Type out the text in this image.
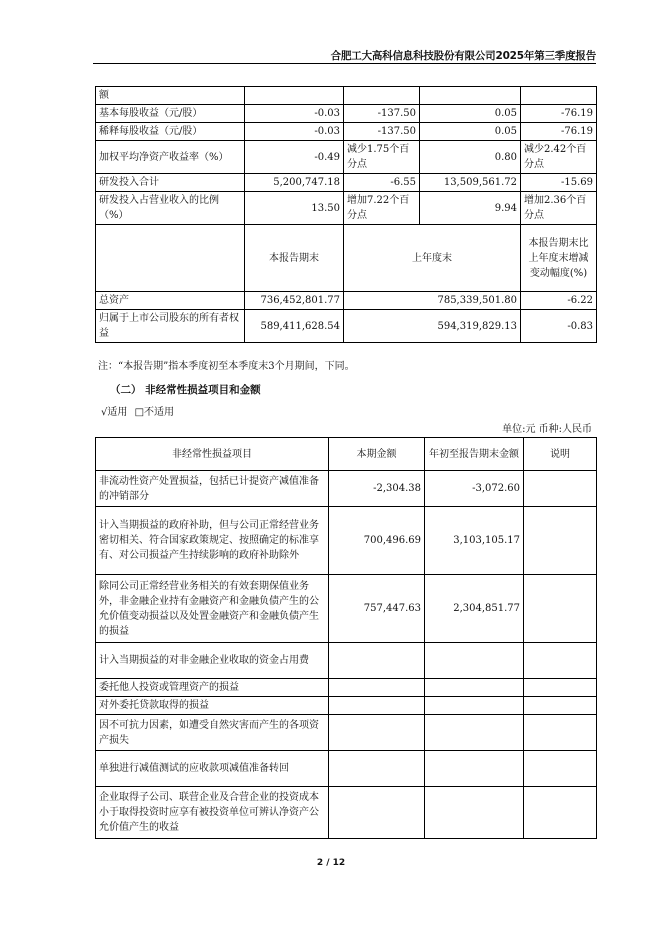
合肥工大高科信息科技股份有限公司2025年第三季度报告
额				
基本每股收益（元/股）	-0.03	-137.50	0.05	-76.19
稀释每股收益（元/股）	-0.03	-137.50	0.05	-76.19
加权平均净资产收益率（%）	-0.49	减少1.75个百分点	0.80	减少2.42个百分点
研发投入合计	5,200,747.18	-6.55	13,509,561.72	-15.69
研发投入占营业收入的比例（%）	13.50	增加7.22个百分点	9.94	增加2.36个百分点
	本报告期末	上年度末		本报告期末比上年度末增减变动幅度(%)
总资产	736,452,801.77	785,339,501.80		-6.22
归属于上市公司股东的所有者权益	589,411,628.54	594,319,829.13		-0.83
注：“本报告期”指本季度初至本季度末3个月期间，下同。
（二） 非经常性损益项目和金额
√适用 □不适用
单位:元 币种:人民币
非经常性损益项目	本期金额	年初至报告期末金额	说明
非流动性资产处置损益，包括已计提资产减值准备的冲销部分	-2,304.38	-3,072.60	
计入当期损益的政府补助，但与公司正常经营业务密切相关、符合国家政策规定、按照确定的标准享有、对公司损益产生持续影响的政府补助除外	700,496.69	3,103,105.17	
除同公司正常经营业务相关的有效套期保值业务外，非金融企业持有金融资产和金融负债产生的公允价值变动损益以及处置金融资产和金融负债产生的损益	757,447.63	2,304,851.77	
计入当期损益的对非金融企业收取的资金占用费			
委托他人投资或管理资产的损益			
对外委托贷款取得的损益			
因不可抗力因素，如遭受自然灾害而产生的各项资产损失			
单独进行减值测试的应收款项减值准备转回			
企业取得子公司、联营企业及合营企业的投资成本小于取得投资时应享有被投资单位可辨认净资产公允价值产生的收益			
2 / 12
